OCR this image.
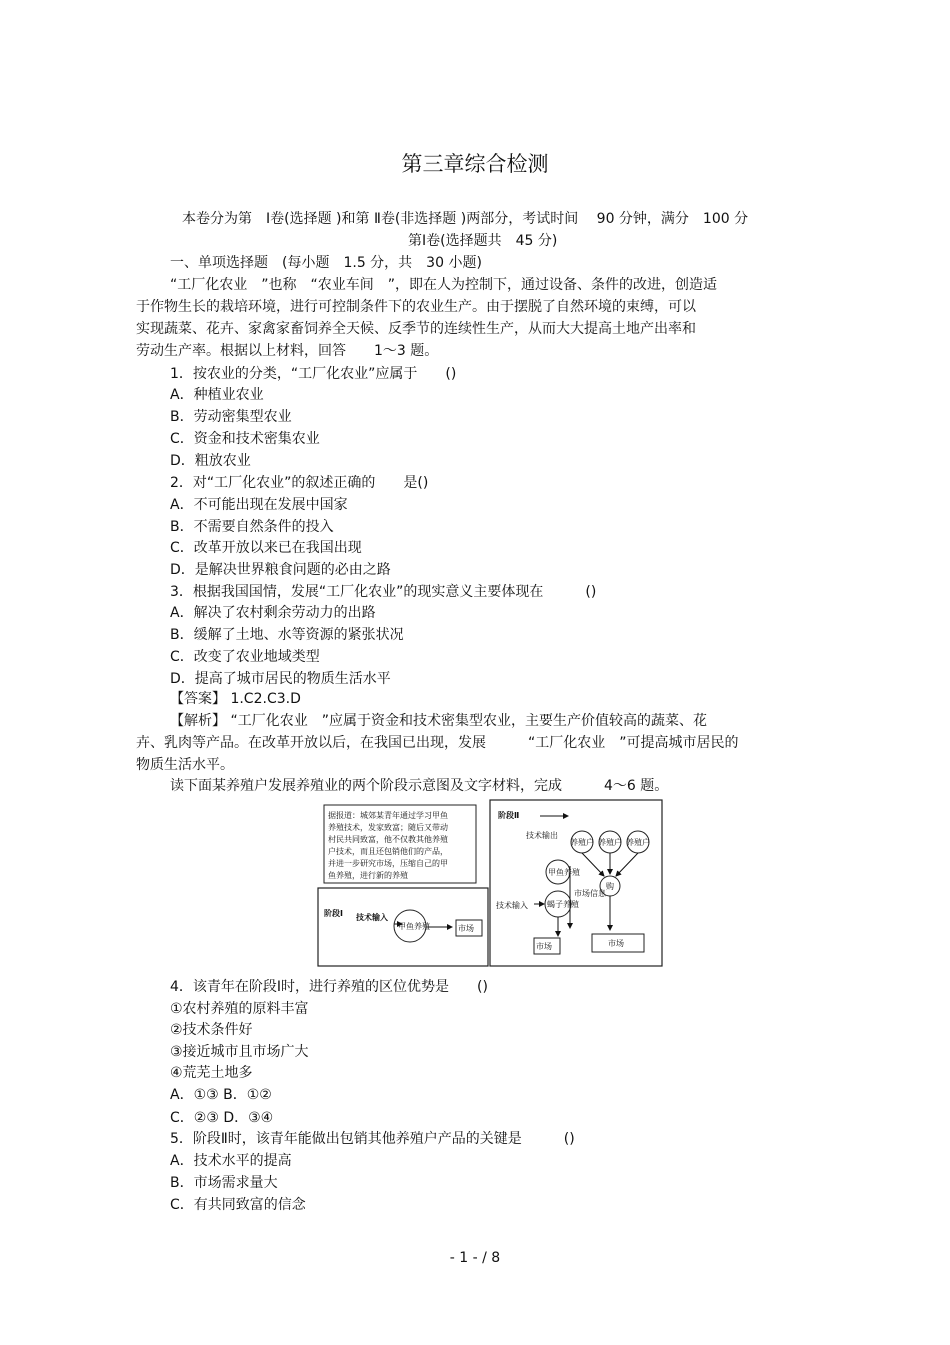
第三章综合检测
本卷分为第　Ⅰ卷(选择题 )和第 Ⅱ卷(非选择题 )两部分，考试时间　 90 分钟，满分　100 分
第Ⅰ卷(选择题共　45 分)
一、单项选择题　(每小题　1.5 分，共　30 小题)
“工厂化农业　”也称　“农业车间　”，即在人为控制下，通过设备、条件的改进，创造适
于作物生长的栽培环境，进行可控制条件下的农业生产。由于摆脱了自然环境的束缚，可以
实现蔬菜、花卉、家禽家畜饲养全天候、反季节的连续性生产，从而大大提高土地产出率和
劳动生产率。根据以上材料，回答　　1～3 题。
1．按农业的分类，“工厂化农业”应属于　　()
A．种植业农业
B．劳动密集型农业
C．资金和技术密集农业
D．粗放农业
2．对“工厂化农业”的叙述正确的　　是()
A．不可能出现在发展中国家
B．不需要自然条件的投入
C．改革开放以来已在我国出现
D．是解决世界粮食问题的必由之路
3．根据我国国情，发展“工厂化农业”的现实意义主要体现在　　　()
A．解决了农村剩余劳动力的出路
B．缓解了土地、水等资源的紧张状况
C．改变了农业地域类型
D．提高了城市居民的物质生活水平
【答案】 1.C2.C3.D
【解析】 “工厂化农业　”应属于资金和技术密集型农业，主要生产价值较高的蔬菜、花
卉、乳肉等产品。在改革开放以后，在我国已出现，发展　　　“工厂化农业　”可提高城市居民的
物质生活水平。
读下面某养殖户发展养殖业的两个阶段示意图及文字材料，完成　　　4～6 题。
据报道：城郊某青年通过学习甲鱼
养殖技术，发家致富；随后又带动
村民共同致富，他不仅教其他养殖
户技术，而且还包销他们的产品，
并进一步研究市场，压缩自己的甲
鱼养殖，进行新的养殖
阶段Ⅰ 技术输入
甲鱼养殖	市场
阶段Ⅱ
技术输出
养殖户 养殖户 养殖户
购
甲鱼养殖
蝎子养殖
技术输入
市场信息
市场	市场
4．该青年在阶段Ⅰ时，进行养殖的区位优势是　　()
①农村养殖的原料丰富
②技术条件好
③接近城市且市场广大
④荒芜土地多
A．①③ B．①②
C．②③ D．③④
5．阶段Ⅱ时，该青年能做出包销其他养殖户产品的关键是　　　()
A．技术水平的提高
B．市场需求量大
C．有共同致富的信念
- 1 - / 8
